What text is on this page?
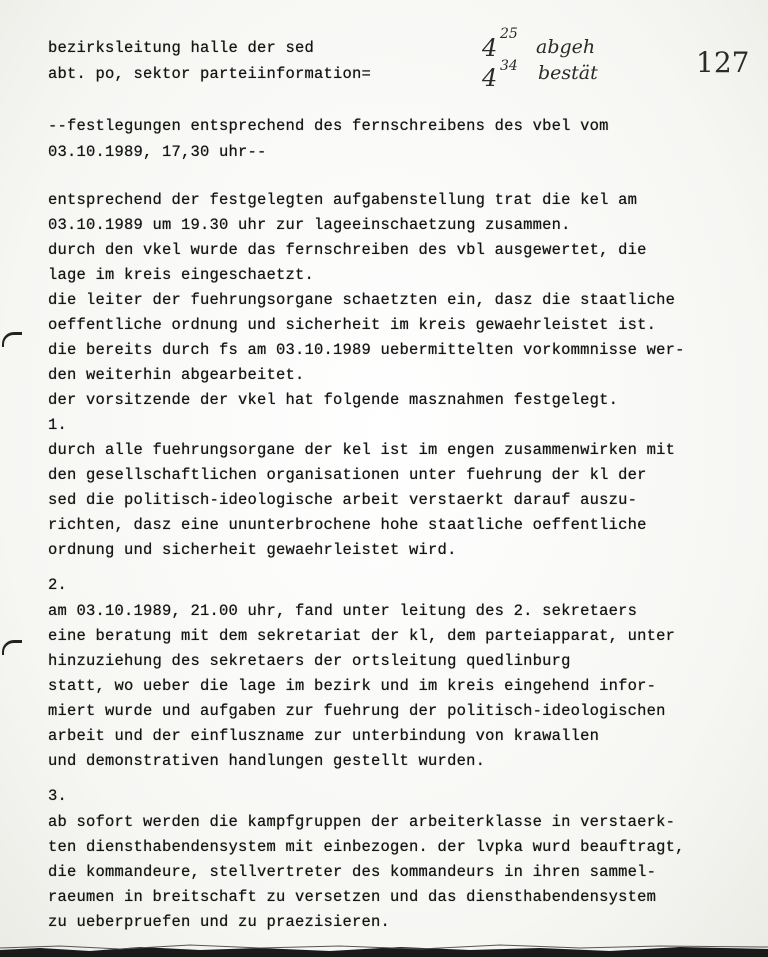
bezirksleitung halle der sed
abt. po, sektor parteiinformation=
4 25
abgeh
4 34 bestät	127
--festlegungen entsprechend des fernschreibens des vbel vom
03.10.1989, 17,30 uhr--
entsprechend der festgelegten aufgabenstellung trat die kel am
03.10.1989 um 19.30 uhr zur lageeinschaetzung zusammen.
durch den vkel wurde das fernschreiben des vbl ausgewertet, die
lage im kreis eingeschaetzt.
die leiter der fuehrungsorgane schaetzten ein, dasz die staatliche
oeffentliche ordnung und sicherheit im kreis gewaehrleistet ist.
die bereits durch fs am 03.10.1989 uebermittelten vorkommnisse wer-
den weiterhin abgearbeitet.
der vorsitzende der vkel hat folgende masznahmen festgelegt.
1.
durch alle fuehrungsorgane der kel ist im engen zusammenwirken mit
den gesellschaftlichen organisationen unter fuehrung der kl der
sed die politisch-ideologische arbeit verstaerkt darauf auszu-
richten, dasz eine ununterbrochene hohe staatliche oeffentliche
ordnung und sicherheit gewaehrleistet wird.
2.
am 03.10.1989, 21.00 uhr, fand unter leitung des 2. sekretaers
eine beratung mit dem sekretariat der kl, dem parteiapparat, unter
hinzuziehung des sekretaers der ortsleitung quedlinburg
statt, wo ueber die lage im bezirk und im kreis eingehend infor-
miert wurde und aufgaben zur fuehrung der politisch-ideologischen
arbeit und der einfluszname zur unterbindung von krawallen
und demonstrativen handlungen gestellt wurden.
3.
ab sofort werden die kampfgruppen der arbeiterklasse in verstaerk-
ten diensthabendensystem mit einbezogen. der lvpka wurd beauftragt,
die kommandeure, stellvertreter des kommandeurs in ihren sammel-
raeumen in breitschaft zu versetzen und das diensthabendensystem
zu ueberpruefen und zu praezisieren.
